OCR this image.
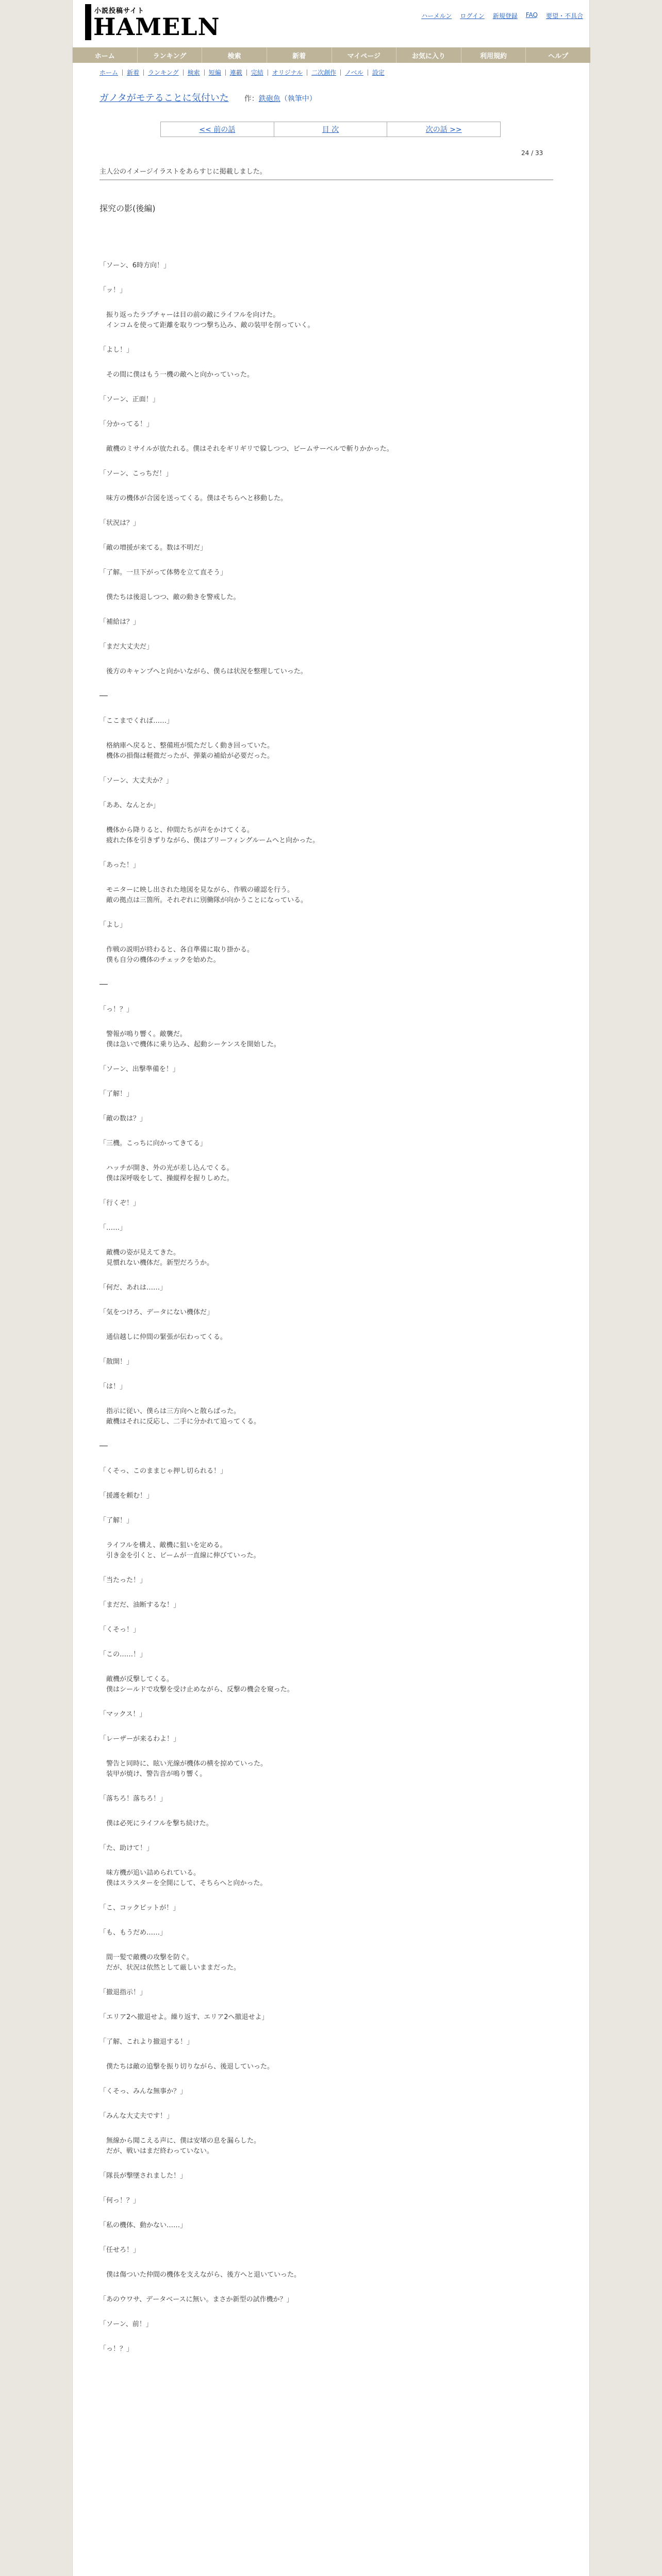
小説投稿サイト
HAMELN	ハーメルン ログイン 新規登録 FAQ 要望・不具合
ホーム	ランキング	検索	新着	マイページ	お気に入り	利用規約	ヘルプ
ホーム	新着	ランキング	検索	短編	連載	完結	オリジナル	二次創作	ノベル	設定
ガノタがモテることに気付いた 作： 鉄砲魚 （執筆中）
<< 前の話	目 次	次の話 >>
24 / 33
主人公のイメージイラストをあらすじに掲載しました。
探究の影(後編)

「ソーン、6時方向！」

「ッ！」

　振り返ったラプチャーは目の前の敵にライフルを向けた。
　インコムを使って距離を取りつつ撃ち込み、敵の装甲を削っていく。

「よし！」

　その間に僕はもう一機の敵へと向かっていった。

「ソーン、正面！」

「分かってる！」

　敵機のミサイルが放たれる。僕はそれをギリギリで躱しつつ、ビームサーベルで斬りかかった。

「ソーン、こっちだ！」

　味方の機体が合図を送ってくる。僕はそちらへと移動した。

「状況は？」

「敵の増援が来てる。数は不明だ」

「了解。一旦下がって体勢を立て直そう」

　僕たちは後退しつつ、敵の動きを警戒した。

「補給は？」

「まだ大丈夫だ」

　後方のキャンプへと向かいながら、僕らは状況を整理していった。

──

「ここまでくれば……」

　格納庫へ戻ると、整備班が慌ただしく動き回っていた。
　機体の損傷は軽微だったが、弾薬の補給が必要だった。

「ソーン、大丈夫か？」

「ああ、なんとか」

　機体から降りると、仲間たちが声をかけてくる。
　疲れた体を引きずりながら、僕はブリーフィングルームへと向かった。

「あった！」

　モニターに映し出された地図を見ながら、作戦の確認を行う。
　敵の拠点は三箇所。それぞれに別働隊が向かうことになっている。

「よし」

　作戦の説明が終わると、各自準備に取り掛かる。
　僕も自分の機体のチェックを始めた。

──

「っ！？」

　警報が鳴り響く。敵襲だ。
　僕は急いで機体に乗り込み、起動シーケンスを開始した。

「ソーン、出撃準備を！」

「了解！」

「敵の数は？」

「三機。こっちに向かってきてる」

　ハッチが開き、外の光が差し込んでくる。
　僕は深呼吸をして、操縦桿を握りしめた。

「行くぞ！」

「……」

　敵機の姿が見えてきた。
　見慣れない機体だ。新型だろうか。

「何だ、あれは……」

「気をつけろ、データにない機体だ」

　通信越しに仲間の緊張が伝わってくる。

「散開！」

「は！」

　指示に従い、僕らは三方向へと散らばった。
　敵機はそれに反応し、二手に分かれて追ってくる。

──

「くそっ、このままじゃ押し切られる！」

「援護を頼む！」

「了解！」

　ライフルを構え、敵機に狙いを定める。
　引き金を引くと、ビームが一直線に伸びていった。

「当たった！」

「まだだ、油断するな！」

「くそっ！」

「この……！」

　敵機が反撃してくる。
　僕はシールドで攻撃を受け止めながら、反撃の機会を窺った。

「マックス！」

「レーザーが来るわよ！」

　警告と同時に、眩い光線が機体の横を掠めていった。
　装甲が焼け、警告音が鳴り響く。

「落ちろ！落ちろ！」

　僕は必死にライフルを撃ち続けた。

「た、助けて！」

　味方機が追い詰められている。
　僕はスラスターを全開にして、そちらへと向かった。

「こ、コックピットが！」

「も、もうだめ……」

　間一髪で敵機の攻撃を防ぐ。
　だが、状況は依然として厳しいままだった。

「撤退指示！」

「エリア2へ撤退せよ。繰り返す、エリア2へ撤退せよ」

「了解、これより撤退する！」

　僕たちは敵の追撃を振り切りながら、後退していった。

「くそっ、みんな無事か？」

「みんな大丈夫です！」

　無線から聞こえる声に、僕は安堵の息を漏らした。
　だが、戦いはまだ終わっていない。

「隊長が撃墜されました！」

「何っ！？」

「私の機体、動かない……」

「任せろ！」

　僕は傷ついた仲間の機体を支えながら、後方へと退いていった。

「あのウワサ、データベースに無い。まさか新型の試作機か？」

「ソーン、前！」

「っ！？」
